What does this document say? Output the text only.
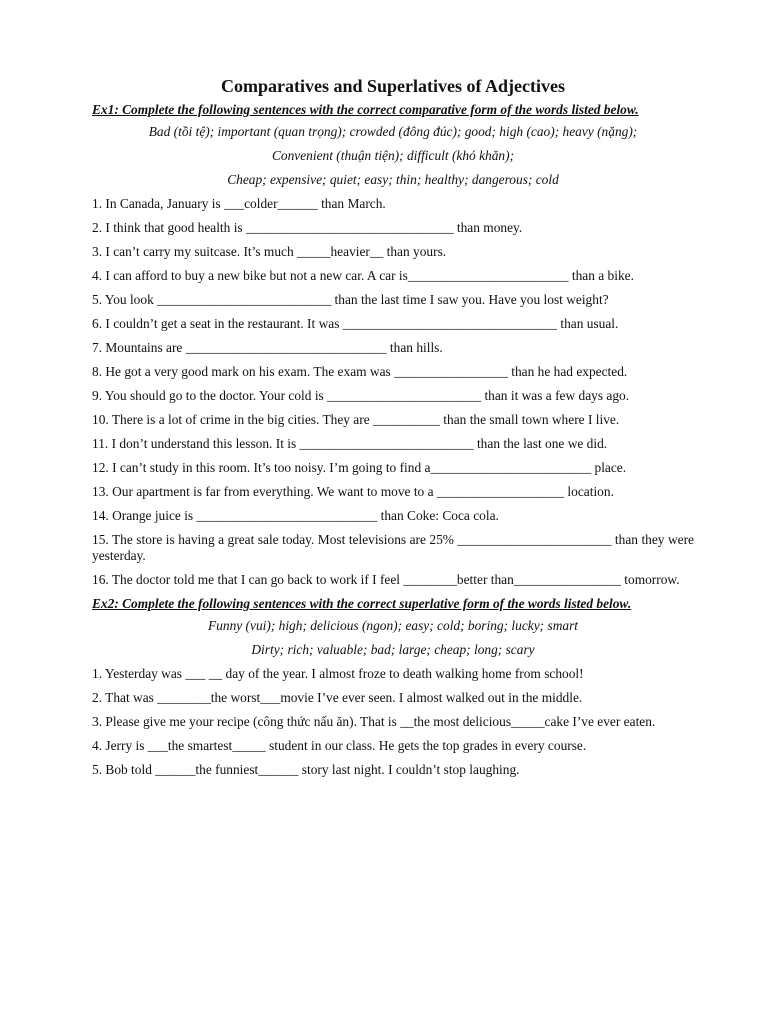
Comparatives and Superlatives of Adjectives
Ex1: Complete the following sentences with the correct comparative form of the words listed below.
Bad (tồi tệ); important (quan trọng); crowded (đông đúc); good; high (cao); heavy (nặng);
Convenient (thuận tiện); difficult (khó khăn);
Cheap; expensive; quiet; easy; thin; healthy; dangerous; cold
1. In Canada, January is ___colder______ than March.
2. I think that good health is _______________________________ than money.
3. I can’t carry my suitcase. It’s much _____heavier__ than yours.
4. I can afford to buy a new bike but not a new car. A car is________________________ than a bike.
5. You look __________________________ than the last time I saw you. Have you lost weight?
6. I couldn’t get a seat in the restaurant. It was ________________________________ than usual.
7. Mountains are ______________________________ than hills.
8. He got a very good mark on his exam. The exam was _________________ than he had expected.
9. You should go to the doctor. Your cold is _______________________ than it was a few days ago.
10. There is a lot of crime in the big cities. They are __________ than the small town where I live.
11. I don’t understand this lesson. It is __________________________ than the last one we did.
12. I can’t study in this room. It’s too noisy. I’m going to find a________________________ place.
13. Our apartment is far from everything. We want to move to a ___________________ location.
14. Orange juice is ___________________________ than Coke: Coca cola.
15. The store is having a great sale today. Most televisions are 25% _______________________ than they were yesterday.
16. The doctor told me that I can go back to work if I feel ________better than________________ tomorrow.
Ex2: Complete the following sentences with the correct superlative form of the words listed below.
Funny (vui); high; delicious (ngon); easy; cold; boring; lucky; smart
Dirty; rich; valuable; bad; large; cheap; long; scary
1. Yesterday was ___ __ day of the year. I almost froze to death walking home from school!
2. That was ________the worst___movie I’ve ever seen. I almost walked out in the middle.
3. Please give me your recipe (công thức nấu ăn). That is __the most delicious_____cake I’ve ever eaten.
4. Jerry is ___the smartest_____ student in our class. He gets the top grades in every course.
5. Bob told ______the funniest______ story last night. I couldn’t stop laughing.
